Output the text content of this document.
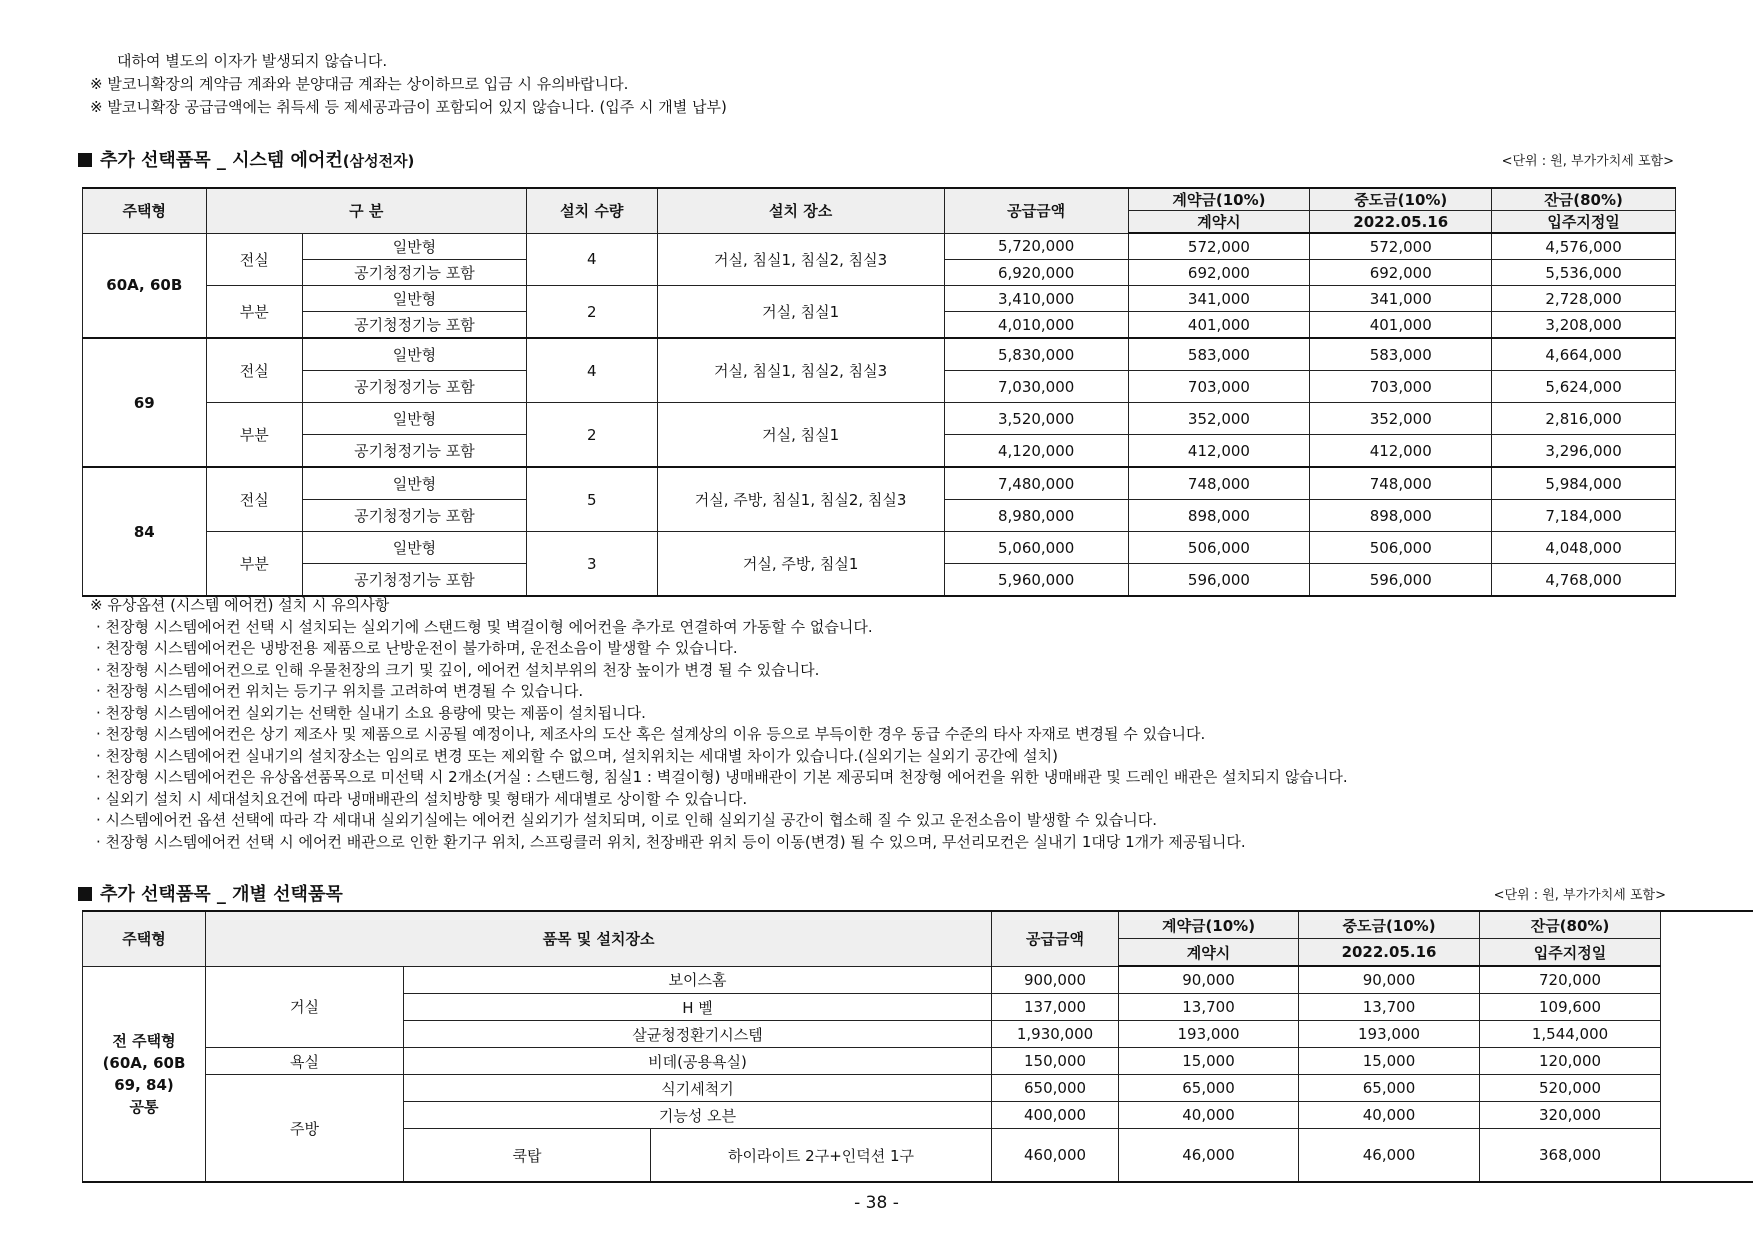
대하여 별도의 이자가 발생되지 않습니다.

※ 발코니확장의 계약금 계좌와 분양대금 계좌는 상이하므로 입금 시 유의바랍니다.

※ 발코니확장 공급금액에는 취득세 등 제세공과금이 포함되어 있지 않습니다. (입주 시 개별 납부)

추가 선택품목 _ 시스템 에어컨(삼성전자)	<단위 : 원, 부가가치세 포함>
주택형	구 분		설치 수량	설치 장소	공급금액	계약금(10%)	중도금(10%)	잔금(80%)
						계약시	2022.05.16	입주지정일
60A, 60B	전실	일반형	4	거실, 침실1, 침실2, 침실3	5,720,000	572,000	572,000	4,576,000
		공기청정기능 포함			6,920,000	692,000	692,000	5,536,000
	부분	일반형	2	거실, 침실1	3,410,000	341,000	341,000	2,728,000
		공기청정기능 포함			4,010,000	401,000	401,000	3,208,000
69	전실	일반형	4	거실, 침실1, 침실2, 침실3	5,830,000	583,000	583,000	4,664,000
		공기청정기능 포함			7,030,000	703,000	703,000	5,624,000
	부분	일반형	2	거실, 침실1	3,520,000	352,000	352,000	2,816,000
		공기청정기능 포함			4,120,000	412,000	412,000	3,296,000
84	전실	일반형	5	거실, 주방, 침실1, 침실2, 침실3	7,480,000	748,000	748,000	5,984,000
		공기청정기능 포함			8,980,000	898,000	898,000	7,184,000
	부분	일반형	3	거실, 주방, 침실1	5,060,000	506,000	506,000	4,048,000
		공기청정기능 포함			5,960,000	596,000	596,000	4,768,000

※ 유상옵션 (시스템 에어컨) 설치 시 유의사항

· 천장형 시스템에어컨 선택 시 설치되는 실외기에 스탠드형 및 벽걸이형 에어컨을 추가로 연결하여 가동할 수 없습니다.

· 천장형 시스템에어컨은 냉방전용 제품으로 난방운전이 불가하며, 운전소음이 발생할 수 있습니다.

· 천장형 시스템에어컨으로 인해 우물천장의 크기 및 깊이, 에어컨 설치부위의 천장 높이가 변경 될 수 있습니다.

· 천장형 시스템에어컨 위치는 등기구 위치를 고려하여 변경될 수 있습니다.

· 천장형 시스템에어컨 실외기는 선택한 실내기 소요 용량에 맞는 제품이 설치됩니다.

· 천장형 시스템에어컨은 상기 제조사 및 제품으로 시공될 예정이나, 제조사의 도산 혹은 설계상의 이유 등으로 부득이한 경우 동급 수준의 타사 자재로 변경될 수 있습니다.

· 천장형 시스템에어컨 실내기의 설치장소는 임의로 변경 또는 제외할 수 없으며, 설치위치는 세대별 차이가 있습니다.(실외기는 실외기 공간에 설치)

· 천장형 시스템에어컨은 유상옵션품목으로 미선택 시 2개소(거실 : 스탠드형, 침실1 : 벽걸이형) 냉매배관이 기본 제공되며 천장형 에어컨을 위한 냉매배관 및 드레인 배관은 설치되지 않습니다.

· 실외기 설치 시 세대설치요건에 따라 냉매배관의 설치방향 및 형태가 세대별로 상이할 수 있습니다.

· 시스템에어컨 옵션 선택에 따라 각 세대내 실외기실에는 에어컨 실외기가 설치되며, 이로 인해 실외기실 공간이 협소해 질 수 있고 운전소음이 발생할 수 있습니다.

· 천장형 시스템에어컨 선택 시 에어컨 배관으로 인한 환기구 위치, 스프링클러 위치, 천장배관 위치 등이 이동(변경) 될 수 있으며, 무선리모컨은 실내기 1대당 1개가 제공됩니다.

추가 선택품목 _ 개별 선택품목	<단위 : 원, 부가가치세 포함>
주택형	품목 및 설치장소			공급금액	계약금(10%)	중도금(10%)	잔금(80%)
					계약시	2022.05.16	입주지정일

전 주택형
(60A, 60B
69, 84)
공통	거실	보이스홈		900,000	90,000	90,000	720,000
		H 벨		137,000	13,700	13,700	109,600
		살균청정환기시스템		1,930,000	193,000	193,000	1,544,000
	욕실	비데(공용욕실)		150,000	15,000	15,000	120,000
	주방	식기세척기		650,000	65,000	65,000	520,000
		기능성 오븐		400,000	40,000	40,000	320,000
		쿡탑	하이라이트 2구+인덕션 1구	460,000	46,000	46,000	368,000
- 38 -
